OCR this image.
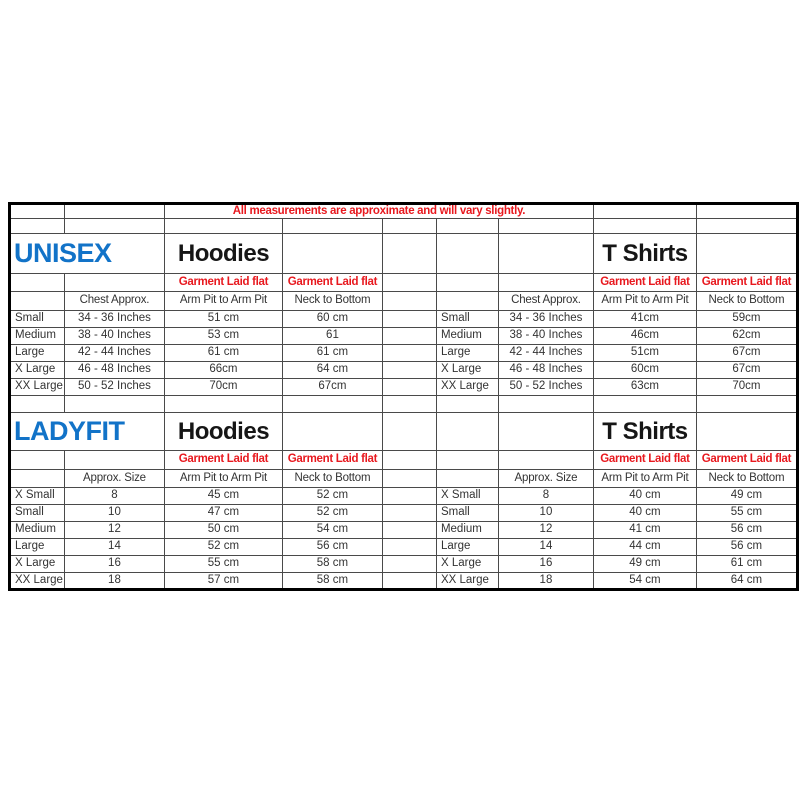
		All measurements are approximate and will vary slightly.						

UNISEX		Hoodies					T Shirts	
		Garment Laid flat	Garment Laid flat				Garment Laid flat	Garment Laid flat
	Chest Approx.	Arm Pit to Arm Pit	Neck to Bottom			Chest Approx.	Arm Pit to Arm Pit	Neck to Bottom
Small	34 - 36 Inches	51 cm	60 cm		Small	34 - 36 Inches	41cm	59cm
Medium	38 - 40 Inches	53 cm	61		Medium	38 - 40 Inches	46cm	62cm
Large	42 - 44 Inches	61 cm	61 cm		Large	42 - 44 Inches	51cm	67cm
X Large	46 - 48 Inches	66cm	64 cm		X Large	46 - 48 Inches	60cm	67cm
XX Large	50 - 52 Inches	70cm	67cm		XX Large	50 - 52 Inches	63cm	70cm

LADYFIT		Hoodies					T Shirts	
		Garment Laid flat	Garment Laid flat				Garment Laid flat	Garment Laid flat
	Approx. Size	Arm Pit to Arm Pit	Neck to Bottom			Approx. Size	Arm Pit to Arm Pit	Neck to Bottom
X Small	8	45 cm	52 cm		X Small	8	40 cm	49 cm
Small	10	47 cm	52 cm		Small	10	40 cm	55 cm
Medium	12	50 cm	54 cm		Medium	12	41 cm	56 cm
Large	14	52 cm	56 cm		Large	14	44 cm	56 cm
X Large	16	55 cm	58 cm		X Large	16	49 cm	61 cm
XX Large	18	57 cm	58 cm		XX Large	18	54 cm	64 cm
